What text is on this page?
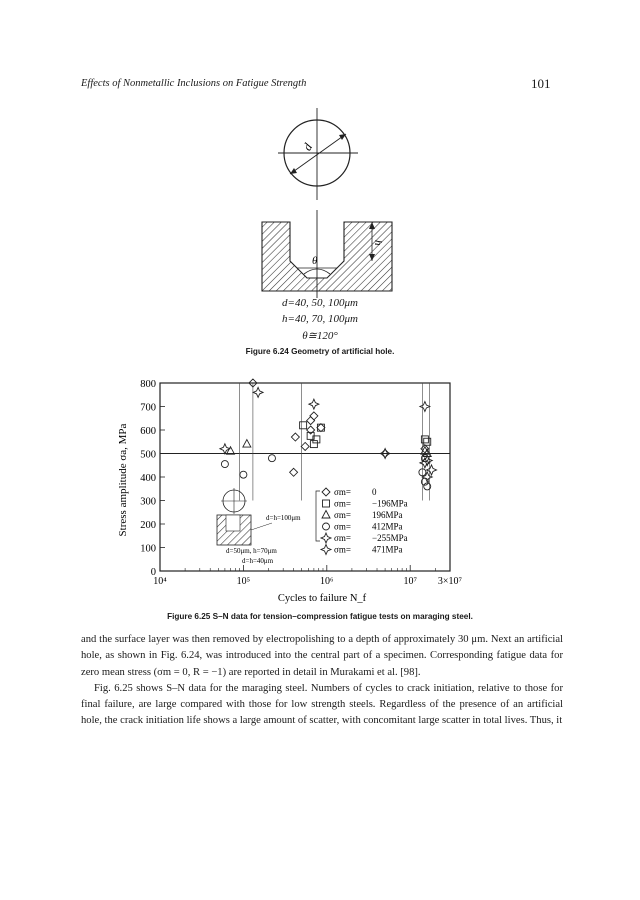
Effects of Nonmetallic Inclusions on Fatigue Strength	101
d
θ
h
d=40, 50, 100μm
h=40, 70, 100μm
θ≅120°
Figure 6.24 Geometry of artificial hole.
0
100
200
300
400
500
600
700
800
10⁴	10⁵	10⁶	10⁷ 3×10⁷
Stress amplitude σa, MPa
Cycles to failure N_f
d=h=100μm
d=50μm, h=70μm
d=h=40μm
σm= 0
σm= −196MPa
σm= 196MPa
σm= 412MPa
σm= −255MPa
σm= 471MPa
Figure 6.25 S–N data for tension–compression fatigue tests on maraging steel.

and the surface layer was then removed by electropolishing to a depth of approximately 30 μm. Next an artificial hole, as shown in Fig. 6.24, was introduced into the central part of a specimen. Corresponding fatigue data for zero mean stress (σm = 0, R = −1) are reported in detail in Murakami et al. [98].

Fig. 6.25 shows S–N data for the maraging steel. Numbers of cycles to crack initiation, relative to those for final failure, are large compared with those for low strength steels. Regardless of the presence of an artificial hole, the crack initiation life shows a large amount of scatter, with concomitant large scatter in total lives. Thus, it
